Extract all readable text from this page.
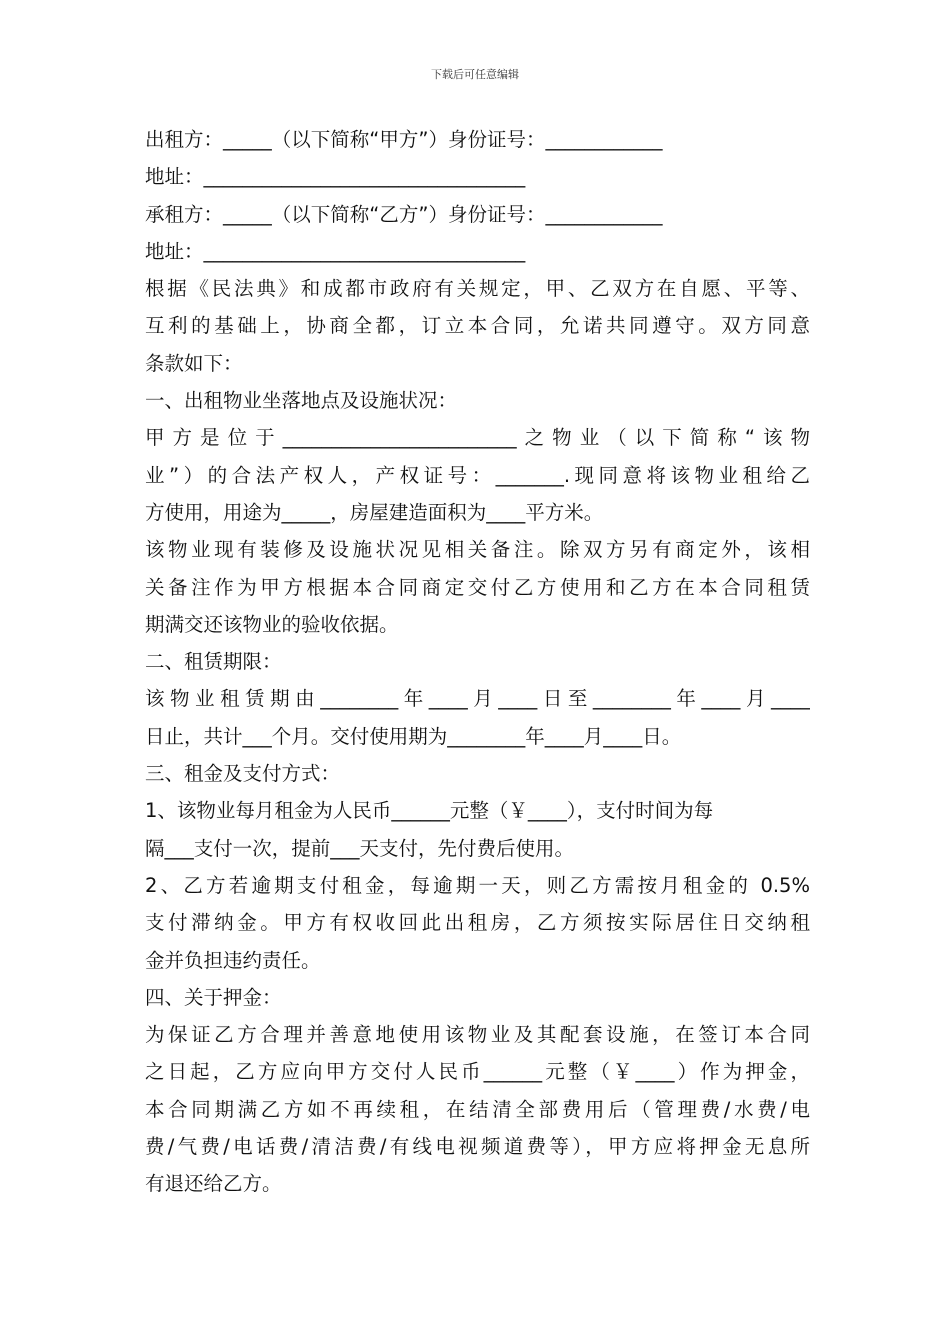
下载后可任意编辑
出租方：_____（以下简称“甲方”）身份证号：____________
地址：_________________________________
承租方：_____（以下简称“乙方”）身份证号：____________
地址：_________________________________
根据《民法典》和成都市政府有关规定，甲、乙双方在自愿、平等、
互利的基础上，协商全都，订立本合同，允诺共同遵守。双方同意
条款如下：
一、出租物业坐落地点及设施状况：
甲方是位于________________________之物业（以下简称“该物
业”）的合法产权人，产权证号：_______.现同意将该物业租给乙
方使用，用途为_____，房屋建造面积为____平方米。
该物业现有装修及设施状况见相关备注。除双方另有商定外，该相
关备注作为甲方根据本合同商定交付乙方使用和乙方在本合同租赁
期满交还该物业的验收依据。
二、租赁期限：
该物业租赁期由________年____月____日至________年____月____
日止，共计___个月。交付使用期为________年____月____日。
三、租金及支付方式：
1、该物业每月租金为人民币______元整（￥____），支付时间为每
隔___支付一次，提前___天支付，先付费后使用。
2、乙方若逾期支付租金，每逾期一天，则乙方需按月租金的 0.5%
支付滞纳金。甲方有权收回此出租房，乙方须按实际居住日交纳租
金并负担违约责任。
四、关于押金：
为保证乙方合理并善意地使用该物业及其配套设施，在签订本合同
之日起，乙方应向甲方交付人民币______元整（￥____）作为押金，
本合同期满乙方如不再续租，在结清全部费用后（管理费/水费/电
费/气费/电话费/清洁费/有线电视频道费等），甲方应将押金无息所
有退还给乙方。
